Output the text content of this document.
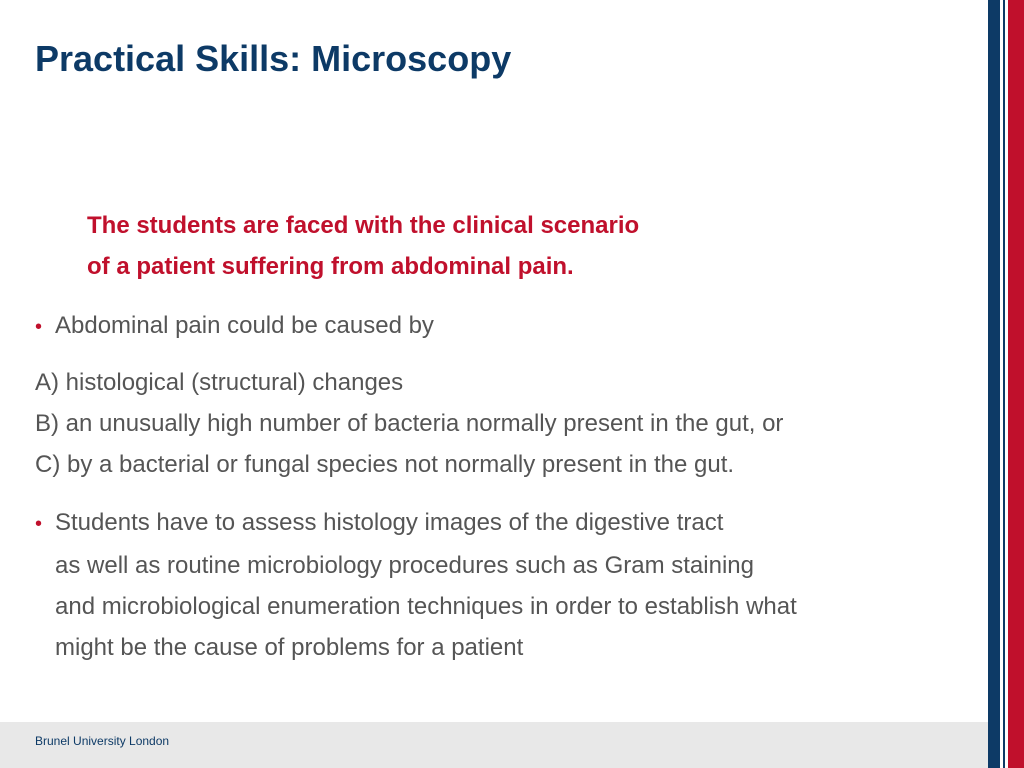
Practical Skills: Microscopy
The students are faced with the clinical scenario
of a patient suffering from abdominal pain.
• Abdominal pain could be caused by
A) histological (structural) changes
B) an unusually high number of bacteria normally present in the gut, or
C) by a bacterial or fungal species not normally present in the gut.
• Students have to assess histology images of the digestive tract
as well as routine microbiology procedures such as Gram staining
and microbiological enumeration techniques in order to establish what
might be the cause of problems for a patient
Brunel University London
